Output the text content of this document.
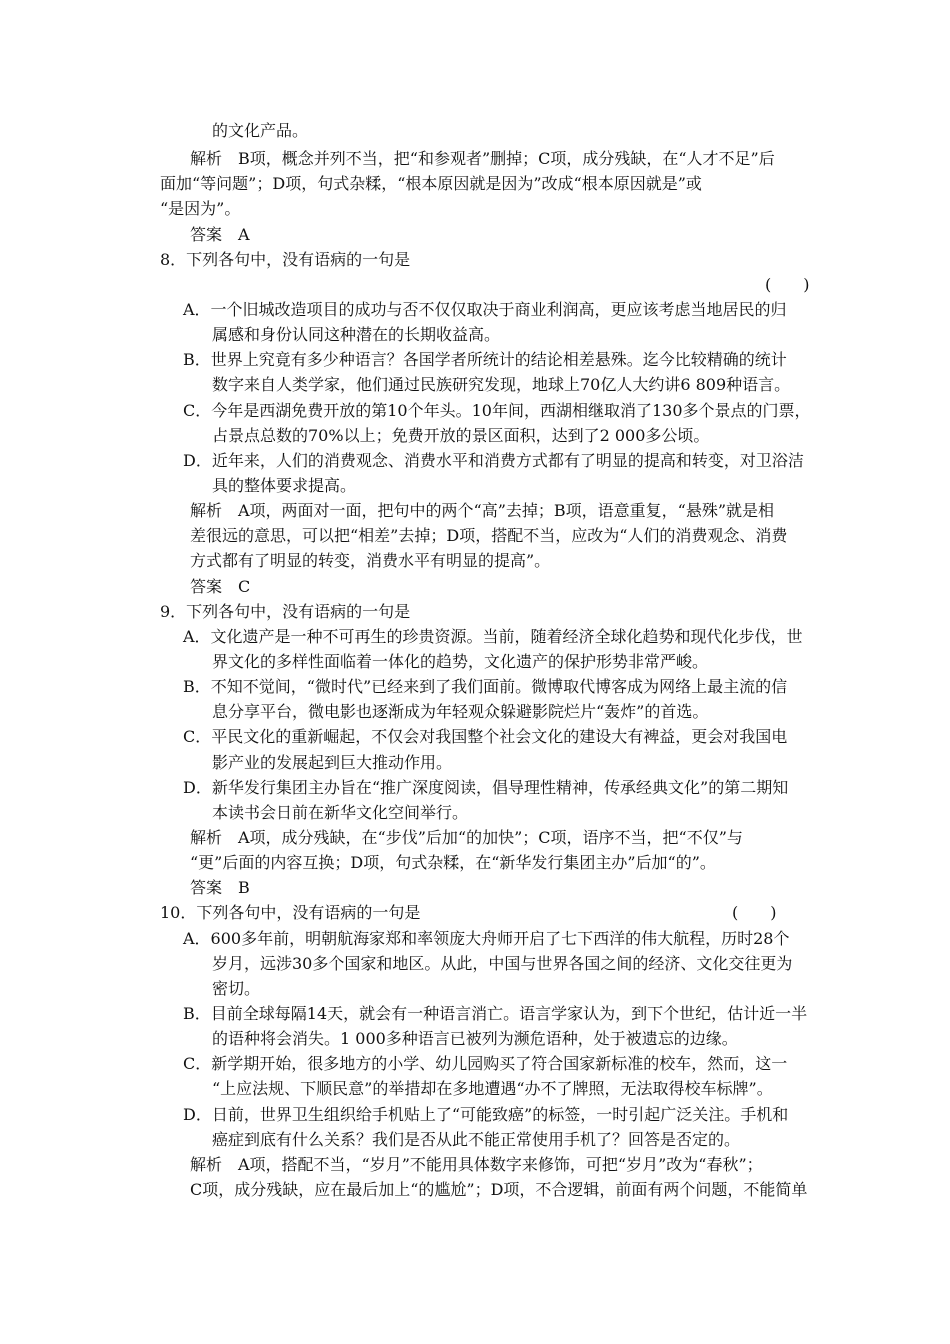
的文化产品。
解析　B项，概念并列不当，把“和参观者”删掉；C项，成分残缺，在“人才不足”后
面加“等问题”；D项，句式杂糅，“根本原因就是因为”改成“根本原因就是”或
“是因为”。
答案　A
8．下列各句中，没有语病的一句是
(　　)
A．一个旧城改造项目的成功与否不仅仅取决于商业利润高，更应该考虑当地居民的归
属感和身份认同这种潜在的长期收益高。
B．世界上究竟有多少种语言？各国学者所统计的结论相差悬殊。迄今比较精确的统计
数字来自人类学家，他们通过民族研究发现，地球上70亿人大约讲6 809种语言。
C．今年是西湖免费开放的第10个年头。10年间，西湖相继取消了130多个景点的门票，
占景点总数的70%以上；免费开放的景区面积，达到了2 000多公顷。
D．近年来，人们的消费观念、消费水平和消费方式都有了明显的提高和转变，对卫浴洁
具的整体要求提高。
解析　A项，两面对一面，把句中的两个“高”去掉；B项，语意重复，“悬殊”就是相
差很远的意思，可以把“相差”去掉；D项，搭配不当，应改为“人们的消费观念、消费
方式都有了明显的转变，消费水平有明显的提高”。
答案　C
9．下列各句中，没有语病的一句是
A．文化遗产是一种不可再生的珍贵资源。当前，随着经济全球化趋势和现代化步伐，世
界文化的多样性面临着一体化的趋势，文化遗产的保护形势非常严峻。
B．不知不觉间，“微时代”已经来到了我们面前。微博取代博客成为网络上最主流的信
息分享平台，微电影也逐渐成为年轻观众躲避影院烂片“轰炸”的首选。
C．平民文化的重新崛起，不仅会对我国整个社会文化的建设大有裨益，更会对我国电
影产业的发展起到巨大推动作用。
D．新华发行集团主办旨在“推广深度阅读，倡导理性精神，传承经典文化”的第二期知
本读书会日前在新华文化空间举行。
解析　A项，成分残缺，在“步伐”后加“的加快”；C项，语序不当，把“不仅”与
“更”后面的内容互换；D项，句式杂糅，在“新华发行集团主办”后加“的”。
答案　B
10．下列各句中，没有语病的一句是	(　　)
A．600多年前，明朝航海家郑和率领庞大舟师开启了七下西洋的伟大航程，历时28个
岁月，远涉30多个国家和地区。从此，中国与世界各国之间的经济、文化交往更为
密切。
B．目前全球每隔14天，就会有一种语言消亡。语言学家认为，到下个世纪，估计近一半
的语种将会消失。1 000多种语言已被列为濒危语种，处于被遗忘的边缘。
C．新学期开始，很多地方的小学、幼儿园购买了符合国家新标准的校车，然而，这一
“上应法规、下顺民意”的举措却在多地遭遇“办不了牌照，无法取得校车标牌”。
D．日前，世界卫生组织给手机贴上了“可能致癌”的标签，一时引起广泛关注。手机和
癌症到底有什么关系？我们是否从此不能正常使用手机了？回答是否定的。
解析　A项，搭配不当，“岁月”不能用具体数字来修饰，可把“岁月”改为“春秋”；
C项，成分残缺，应在最后加上“的尴尬”；D项，不合逻辑，前面有两个问题，不能简单
